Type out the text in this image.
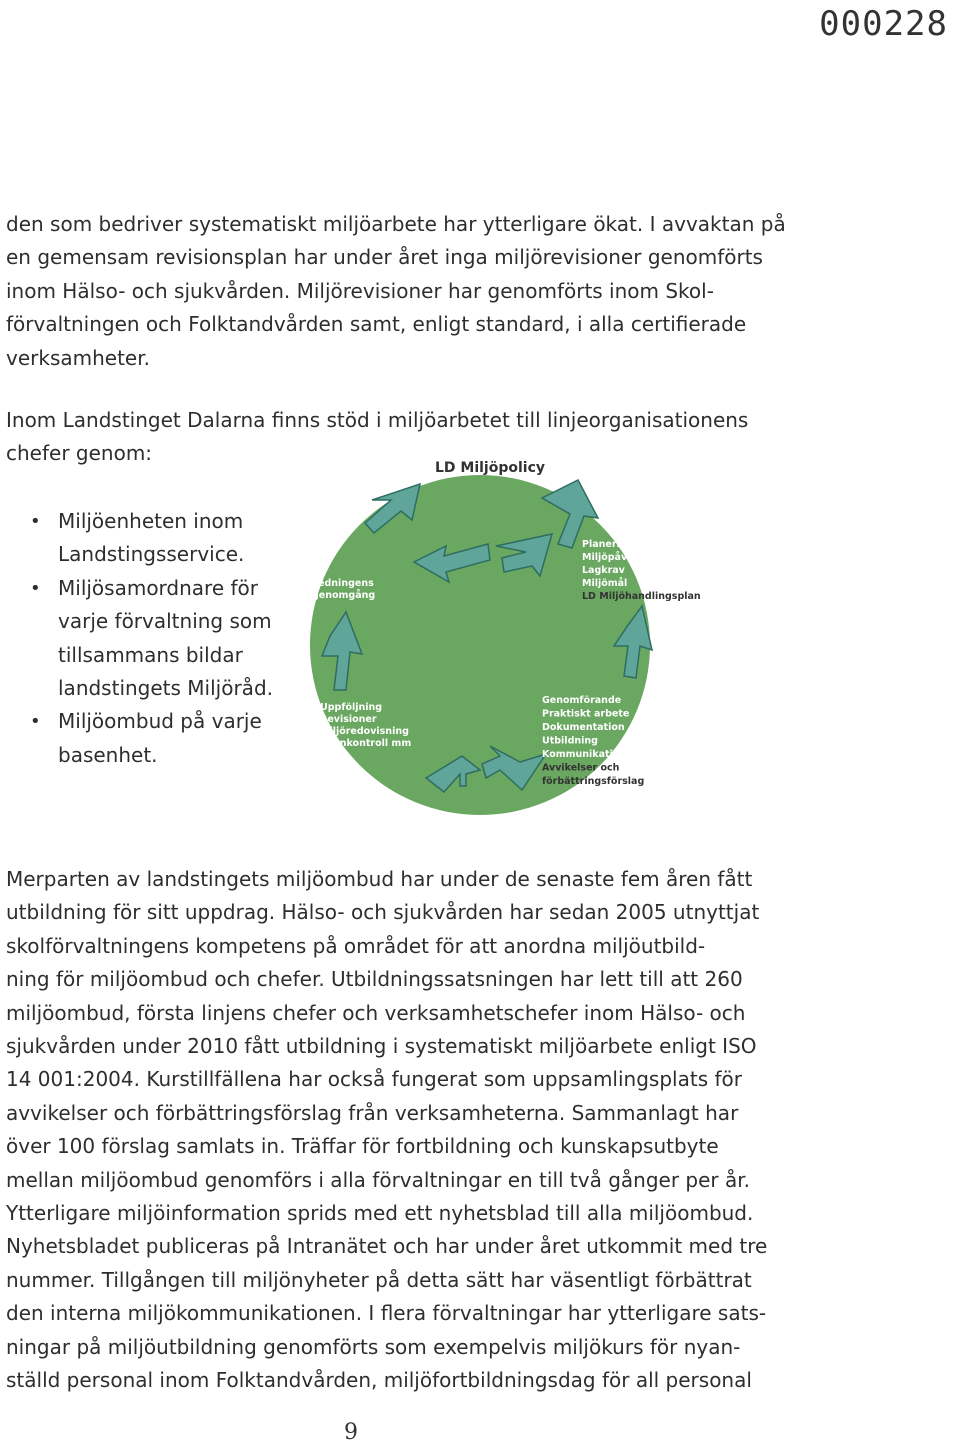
000228
den som bedriver systematiskt miljöarbete har ytterligare ökat. I avvaktan på
en gemensam revisionsplan har under året inga miljörevisioner genomförts
inom Hälso- och sjukvården. Miljörevisioner har genomförts inom Skol-
förvaltningen och Folktandvården samt, enligt standard, i alla certifierade
verksamheter.
Inom Landstinget Dalarna finns stöd i miljöarbetet till linjeorganisationens
chefer genom:
• Miljöenheten inom
Landstingsservice.
• Miljösamordnare för
varje förvaltning som
tillsammans bildar
landstingets Miljöråd.
• Miljöombud på varje
basenhet.
LD Miljöpolicy
Ledningens
genomgång
Planering
Miljöpåverkan
Lagkrav
Miljömål
LD Miljöhandlingsplan
Uppföljning
Revisioner
Miljöredovisning
Egenkontroll mm
Genomförande
Praktiskt arbete
Dokumentation
Utbildning
Kommunikation
Avvikelser och
förbättringsförslag
Merparten av landstingets miljöombud har under de senaste fem åren fått
utbildning för sitt uppdrag. Hälso- och sjukvården har sedan 2005 utnyttjat
skolförvaltningens kompetens på området för att anordna miljöutbild-
ning för miljöombud och chefer. Utbildningssatsningen har lett till att 260
miljöombud, första linjens chefer och verksamhetschefer inom Hälso- och
sjukvården under 2010 fått utbildning i systematiskt miljöarbete enligt ISO
14 001:2004. Kurstillfällena har också fungerat som uppsamlingsplats för
avvikelser och förbättringsförslag från verksamheterna. Sammanlagt har
över 100 förslag samlats in. Träffar för fortbildning och kunskapsutbyte
mellan miljöombud genomförs i alla förvaltningar en till två gånger per år.
Ytterligare miljöinformation sprids med ett nyhetsblad till alla miljöombud.
Nyhetsbladet publiceras på Intranätet och har under året utkommit med tre
nummer. Tillgången till miljönyheter på detta sätt har väsentligt förbättrat
den interna miljökommunikationen. I flera förvaltningar har ytterligare sats-
ningar på miljöutbildning genomförts som exempelvis miljökurs för nyan-
ställd personal inom Folktandvården, miljöfortbildningsdag för all personal
9
